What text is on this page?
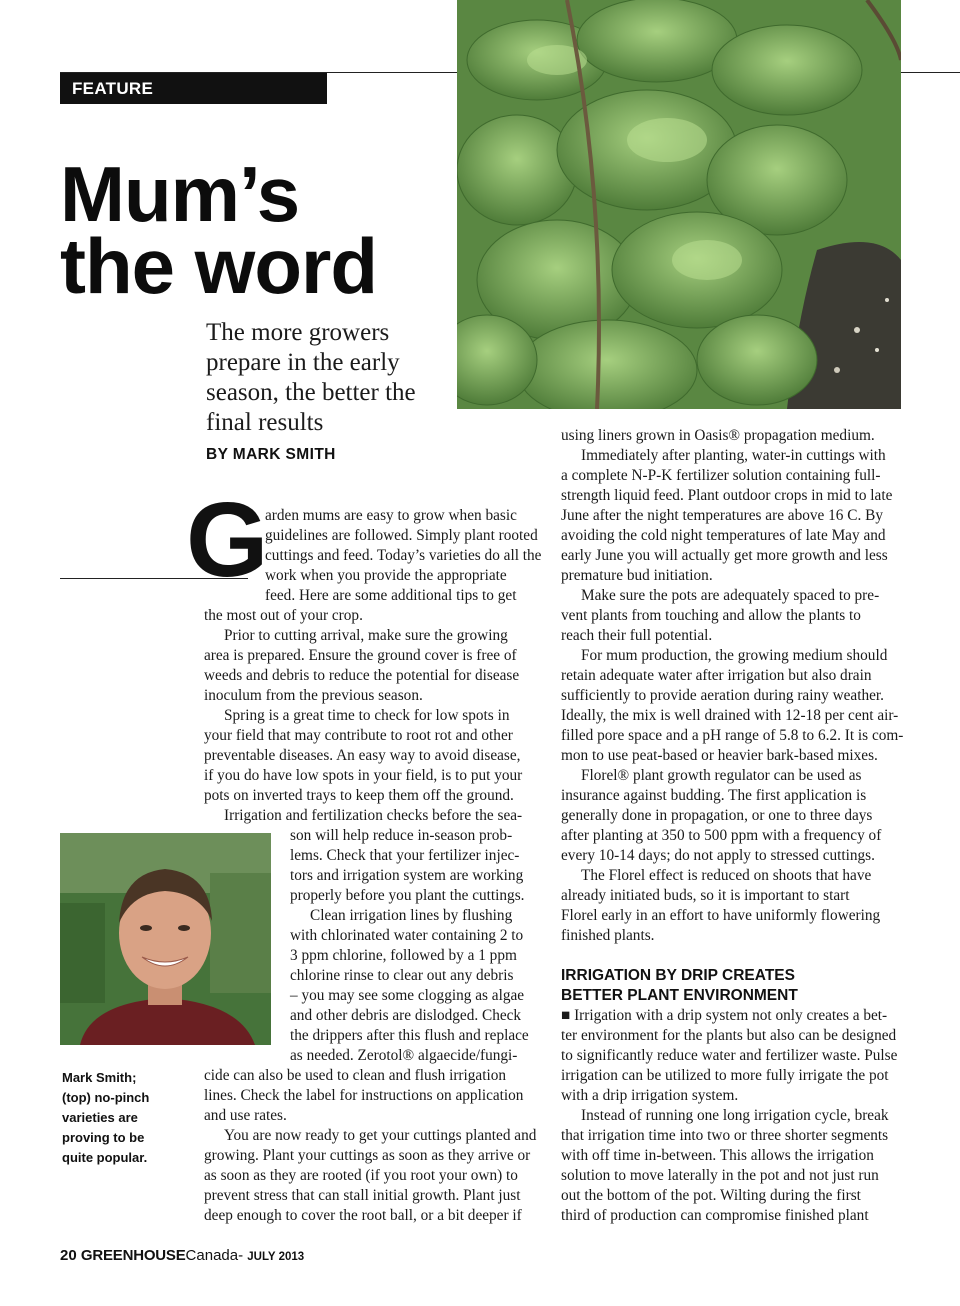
FEATURE
Mum’s
the word
The more growers prepare in the early season, the better the final results
BY MARK SMITH
G
arden mums are easy to grow when basic
guidelines are followed. Simply plant rooted
cuttings and feed. Today’s varieties do all the
work when you provide the appropriate
feed. Here are some additional tips to get
the most out of your crop.
Prior to cutting arrival, make sure the growing
area is prepared. Ensure the ground cover is free of
weeds and debris to reduce the potential for disease
inoculum from the previous season.
Spring is a great time to check for low spots in
your field that may contribute to root rot and other
preventable diseases. An easy way to avoid disease,
if you do have low spots in your field, is to put your
pots on inverted trays to keep them off the ground.
Irrigation and fertilization checks before the sea-
son will help reduce in-season prob-
lems. Check that your fertilizer injec-
tors and irrigation system are working
properly before you plant the cuttings.
Clean irrigation lines by flushing
with chlorinated water containing 2 to
3 ppm chlorine, followed by a 1 ppm
chlorine rinse to clear out any debris
– you may see some clogging as algae
and other debris are dislodged. Check
the drippers after this flush and replace
as needed. Zerotol® algaecide/fungi-
cide can also be used to clean and flush irrigation
lines. Check the label for instructions on application
and use rates.
You are now ready to get your cuttings planted and
growing. Plant your cuttings as soon as they arrive or
as soon as they are rooted (if you root your own) to
prevent stress that can stall initial growth. Plant just
deep enough to cover the root ball, or a bit deeper if
Mark Smith;
(top) no-pinch
varieties are
proving to be
quite popular.
using liners grown in Oasis® propagation medium.
Immediately after planting, water-in cuttings with
a complete N-P-K fertilizer solution containing full-
strength liquid feed. Plant outdoor crops in mid to late
June after the night temperatures are above 16 C. By
avoiding the cold night temperatures of late May and
early June you will actually get more growth and less
premature bud initiation.
Make sure the pots are adequately spaced to pre-
vent plants from touching and allow the plants to
reach their full potential.
For mum production, the growing medium should
retain adequate water after irrigation but also drain
sufficiently to provide aeration during rainy weather.
Ideally, the mix is well drained with 12-18 per cent air-
filled pore space and a pH range of 5.8 to 6.2. It is com-
mon to use peat-based or heavier bark-based mixes.
Florel® plant growth regulator can be used as
insurance against budding. The first application is
generally done in propagation, or one to three days
after planting at 350 to 500 ppm with a frequency of
every 10-14 days; do not apply to stressed cuttings.
The Florel effect is reduced on shoots that have
already initiated buds, so it is important to start
Florel early in an effort to have uniformly flowering
finished plants.
IRRIGATION BY DRIP CREATES
BETTER PLANT ENVIRONMENT
■ Irrigation with a drip system not only creates a bet-
ter environment for the plants but also can be designed
to significantly reduce water and fertilizer waste. Pulse
irrigation can be utilized to more fully irrigate the pot
with a drip irrigation system.
Instead of running one long irrigation cycle, break
that irrigation time into two or three shorter segments
with off time in-between. This allows the irrigation
solution to move laterally in the pot and not just run
out the bottom of the pot. Wilting during the first
third of production can compromise finished plant
20 GREENHOUSECanada- JULY 2013
